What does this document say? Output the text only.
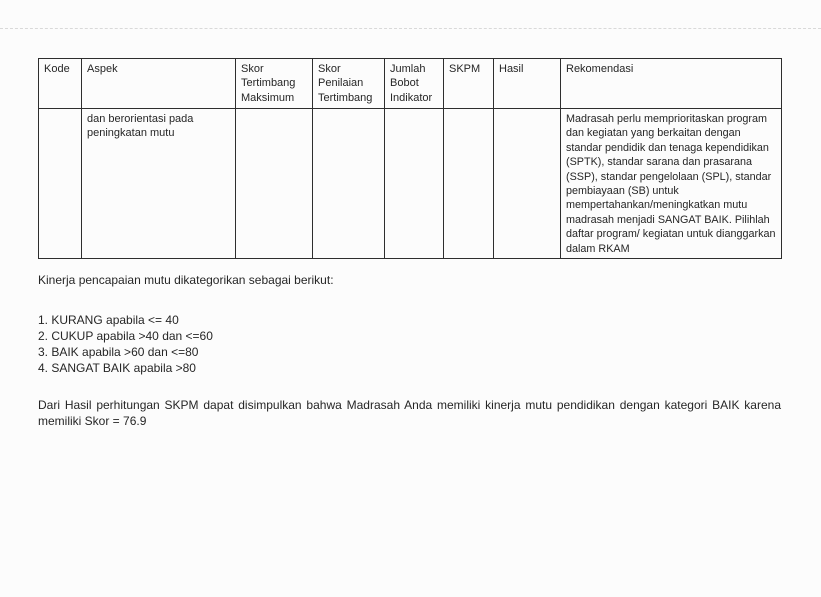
Kode	Aspek	Skor Tertimbang Maksimum	Skor Penilaian Tertimbang	Jumlah Bobot Indikator	SKPM	Hasil	Rekomendasi
	dan berorientasi pada peningkatan mutu						Madrasah perlu memprioritaskan program dan kegiatan yang berkaitan dengan standar pendidik dan tenaga kependidikan (SPTK), standar sarana dan prasarana (SSP), standar pengelolaan (SPL), standar pembiayaan (SB) untuk mempertahankan/meningkatkan mutu madrasah menjadi SANGAT BAIK. Pilihlah daftar program/ kegiatan untuk dianggarkan dalam RKAM
Kinerja pencapaian mutu dikategorikan sebagai berikut:
1. KURANG apabila <= 40
2. CUKUP apabila >40 dan <=60
3. BAIK apabila >60 dan <=80
4. SANGAT BAIK apabila >80

Dari Hasil perhitungan SKPM dapat disimpulkan bahwa Madrasah Anda memiliki kinerja mutu pendidikan dengan kategori BAIK karena memiliki Skor = 76.9
